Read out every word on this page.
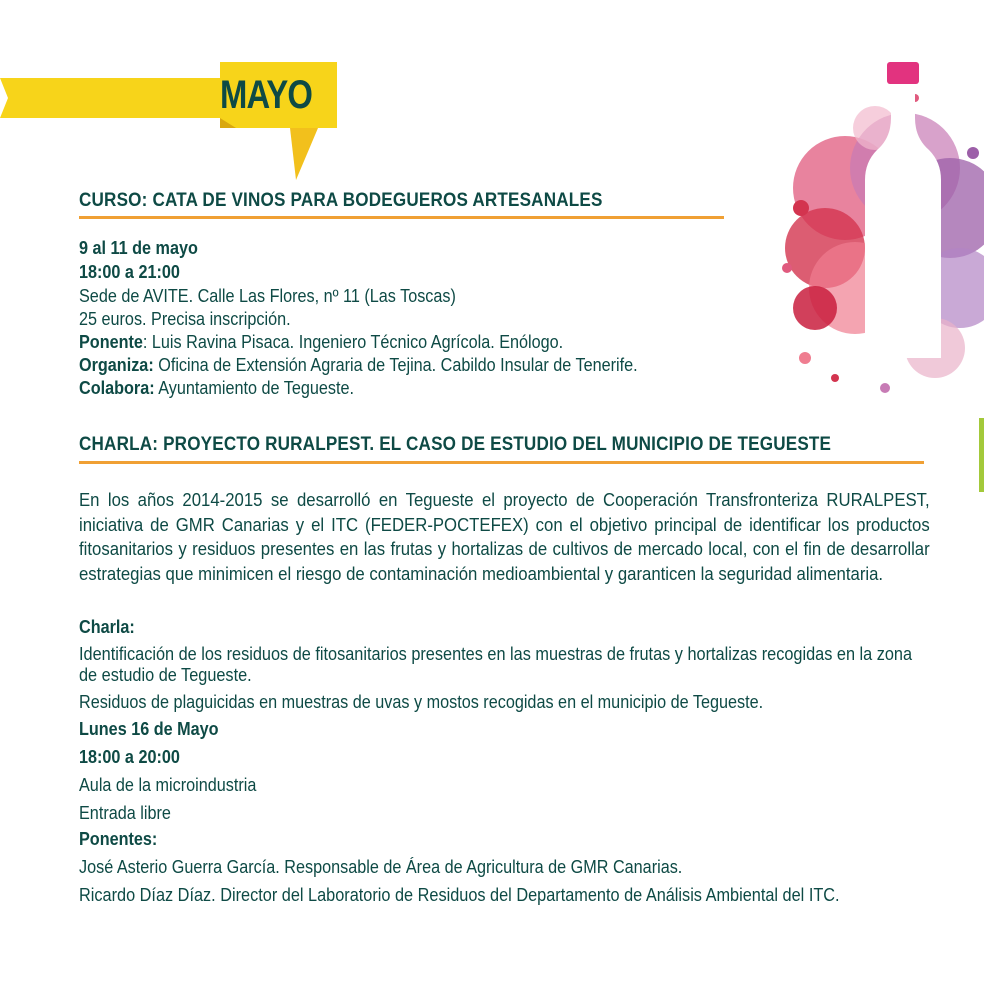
MAYO
CURSO: CATA DE VINOS PARA BODEGUEROS ARTESANALES
9 al 11 de mayo
18:00 a 21:00
Sede de AVITE. Calle Las Flores, nº 11 (Las Toscas)
25 euros. Precisa inscripción.
Ponente: Luis Ravina Pisaca. Ingeniero Técnico Agrícola. Enólogo.
Organiza: Oficina de Extensión Agraria de Tejina. Cabildo Insular de Tenerife.
Colabora: Ayuntamiento de Tegueste.
CHARLA: PROYECTO RURALPEST. EL CASO DE ESTUDIO DEL MUNICIPIO DE TEGUESTE
En los años 2014-2015 se desarrolló en Tegueste el proyecto de Cooperación Transfronteriza RURALPEST, iniciativa de GMR Canarias y el ITC (FEDER-POCTEFEX) con el objetivo principal de identificar los productos fitosanitarios y residuos presentes en las frutas y hortalizas de cultivos de mercado local, con el fin de desarrollar estrategias que minimicen el riesgo de contaminación medioambiental y garanticen la seguridad alimentaria.
Charla:
Identificación de los residuos de fitosanitarios presentes en las muestras de frutas y hortalizas recogidas en la zona de estudio de Tegueste.
Residuos de plaguicidas en muestras de uvas y mostos recogidas en el municipio de Tegueste.
Lunes 16 de Mayo
18:00 a 20:00
Aula de la microindustria
Entrada libre
Ponentes:
José Asterio Guerra García. Responsable de Área de Agricultura de GMR Canarias.
Ricardo Díaz Díaz. Director del Laboratorio de Residuos del Departamento de Análisis Ambiental del ITC.
